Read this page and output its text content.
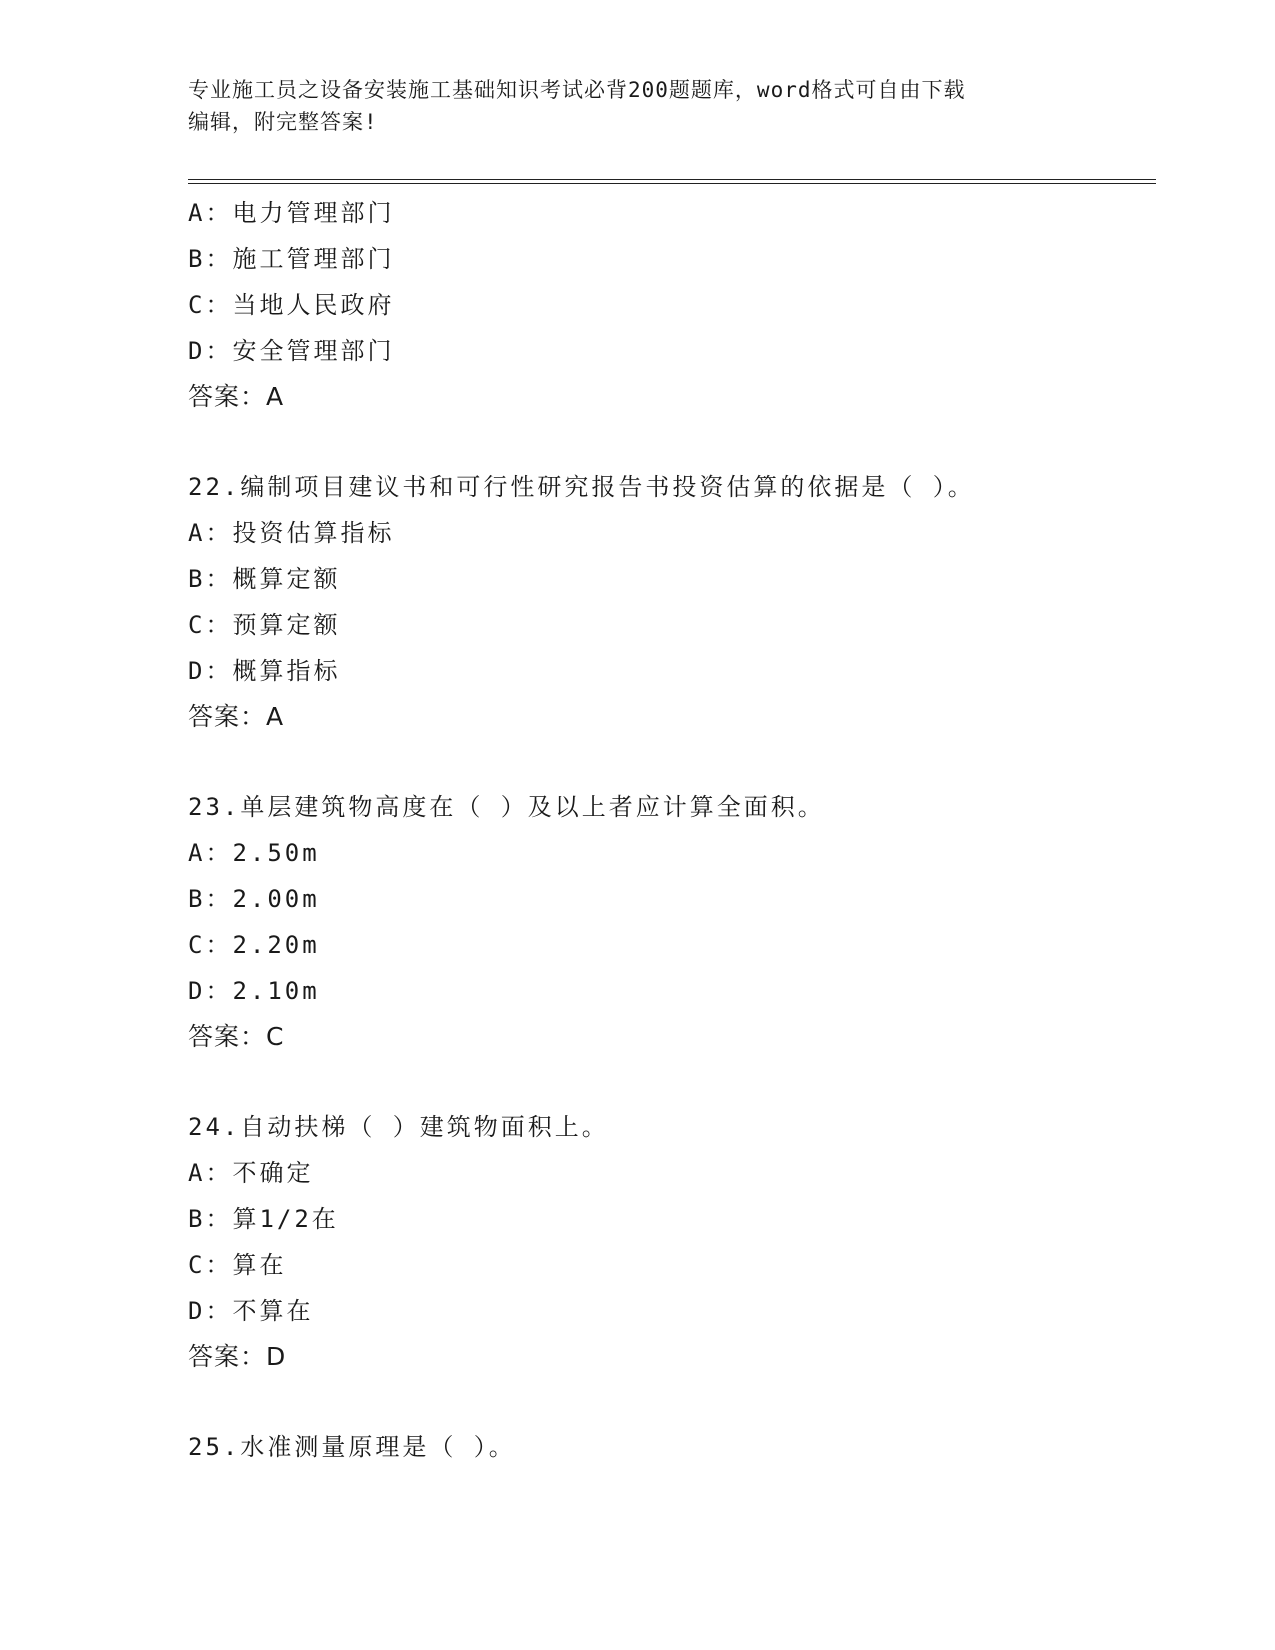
专业施工员之设备安装施工基础知识考试必背200题题库，word格式可自由下载
编辑，附完整答案!
A：电力管理部门
B：施工管理部门
C：当地人民政府
D：安全管理部门
答案：A
22.编制项目建议书和可行性研究报告书投资估算的依据是（ ）。
A：投资估算指标
B：概算定额
C：预算定额
D：概算指标
答案：A
23.单层建筑物高度在（ ）及以上者应计算全面积。
A：2.50m
B：2.00m
C：2.20m
D：2.10m
答案：C
24.自动扶梯（ ）建筑物面积上。
A：不确定
B：算1/2在
C：算在
D：不算在
答案：D
25.水准测量原理是（ ）。
